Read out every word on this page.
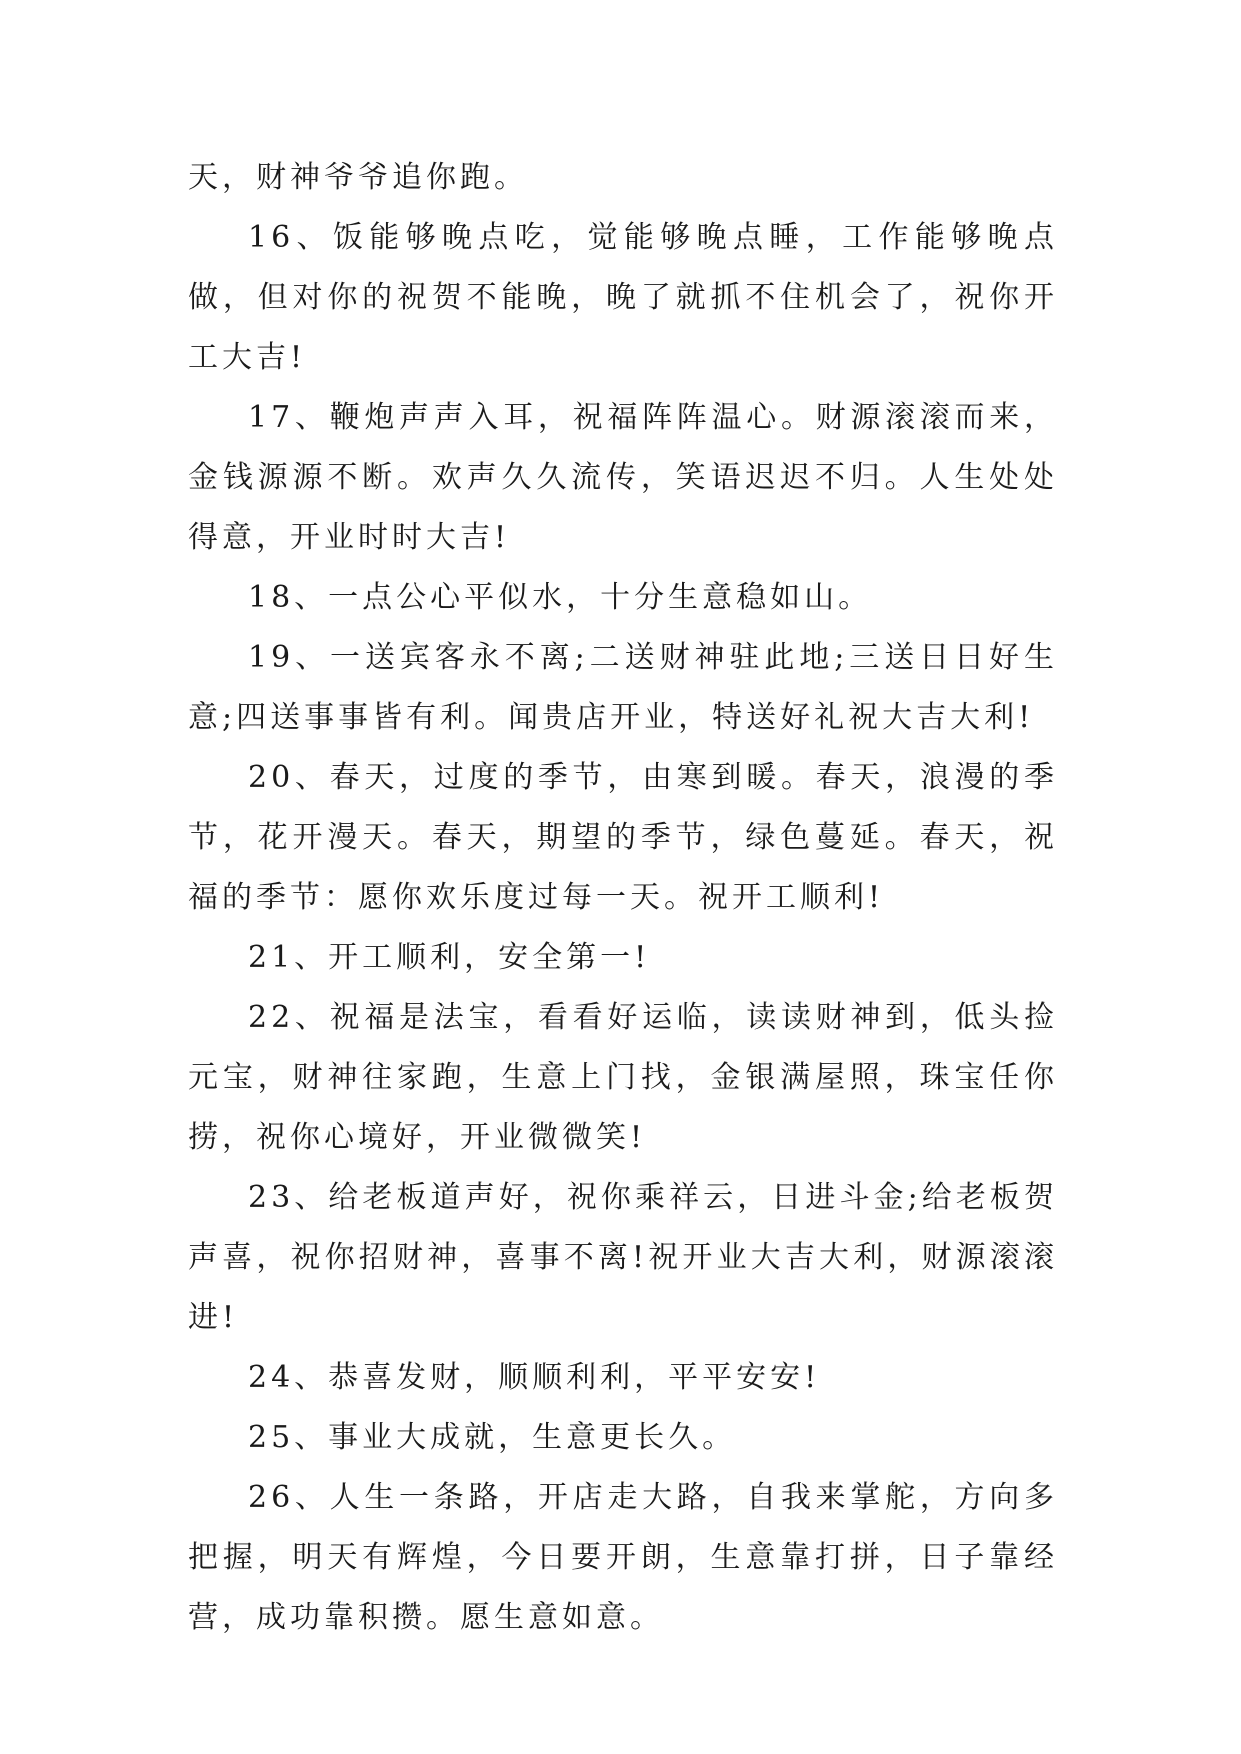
天，财神爷爷追你跑。

16、饭能够晚点吃，觉能够晚点睡，工作能够晚点做，但对你的祝贺不能晚，晚了就抓不住机会了，祝你开工大吉!

17、鞭炮声声入耳，祝福阵阵温心。财源滚滚而来，金钱源源不断。欢声久久流传，笑语迟迟不归。人生处处得意，开业时时大吉!

18、一点公心平似水，十分生意稳如山。

19、一送宾客永不离;二送财神驻此地;三送日日好生意;四送事事皆有利。闻贵店开业，特送好礼祝大吉大利!

20、春天，过度的季节，由寒到暖。春天，浪漫的季节，花开漫天。春天，期望的季节，绿色蔓延。春天，祝福的季节：愿你欢乐度过每一天。祝开工顺利!

21、开工顺利，安全第一!

22、祝福是法宝，看看好运临，读读财神到，低头捡元宝，财神往家跑，生意上门找，金银满屋照，珠宝任你捞，祝你心境好，开业微微笑!

23、给老板道声好，祝你乘祥云，日进斗金;给老板贺声喜，祝你招财神，喜事不离!祝开业大吉大利，财源滚滚进!

24、恭喜发财，顺顺利利，平平安安!

25、事业大成就，生意更长久。

26、人生一条路，开店走大路，自我来掌舵，方向多把握，明天有辉煌，今日要开朗，生意靠打拼，日子靠经营，成功靠积攒。愿生意如意。
